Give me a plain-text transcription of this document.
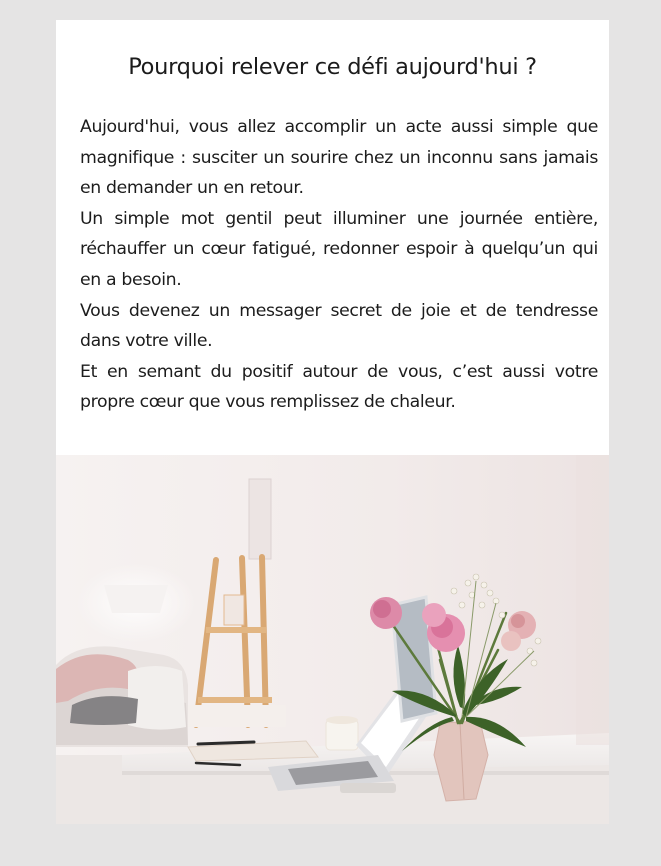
Pourquoi relever ce défi aujourd'hui ?

Aujourd'hui, vous allez accomplir un acte aussi simple que magnifique : susciter un sourire chez un inconnu sans jamais en demander un en retour.

Un simple mot gentil peut illuminer une journée entière, réchauffer un cœur fatigué, redonner espoir à quelqu’un qui en a besoin.

Vous devenez un messager secret de joie et de tendresse dans votre ville.

Et en semant du positif autour de vous, c’est aussi votre propre cœur que vous remplissez de chaleur.
